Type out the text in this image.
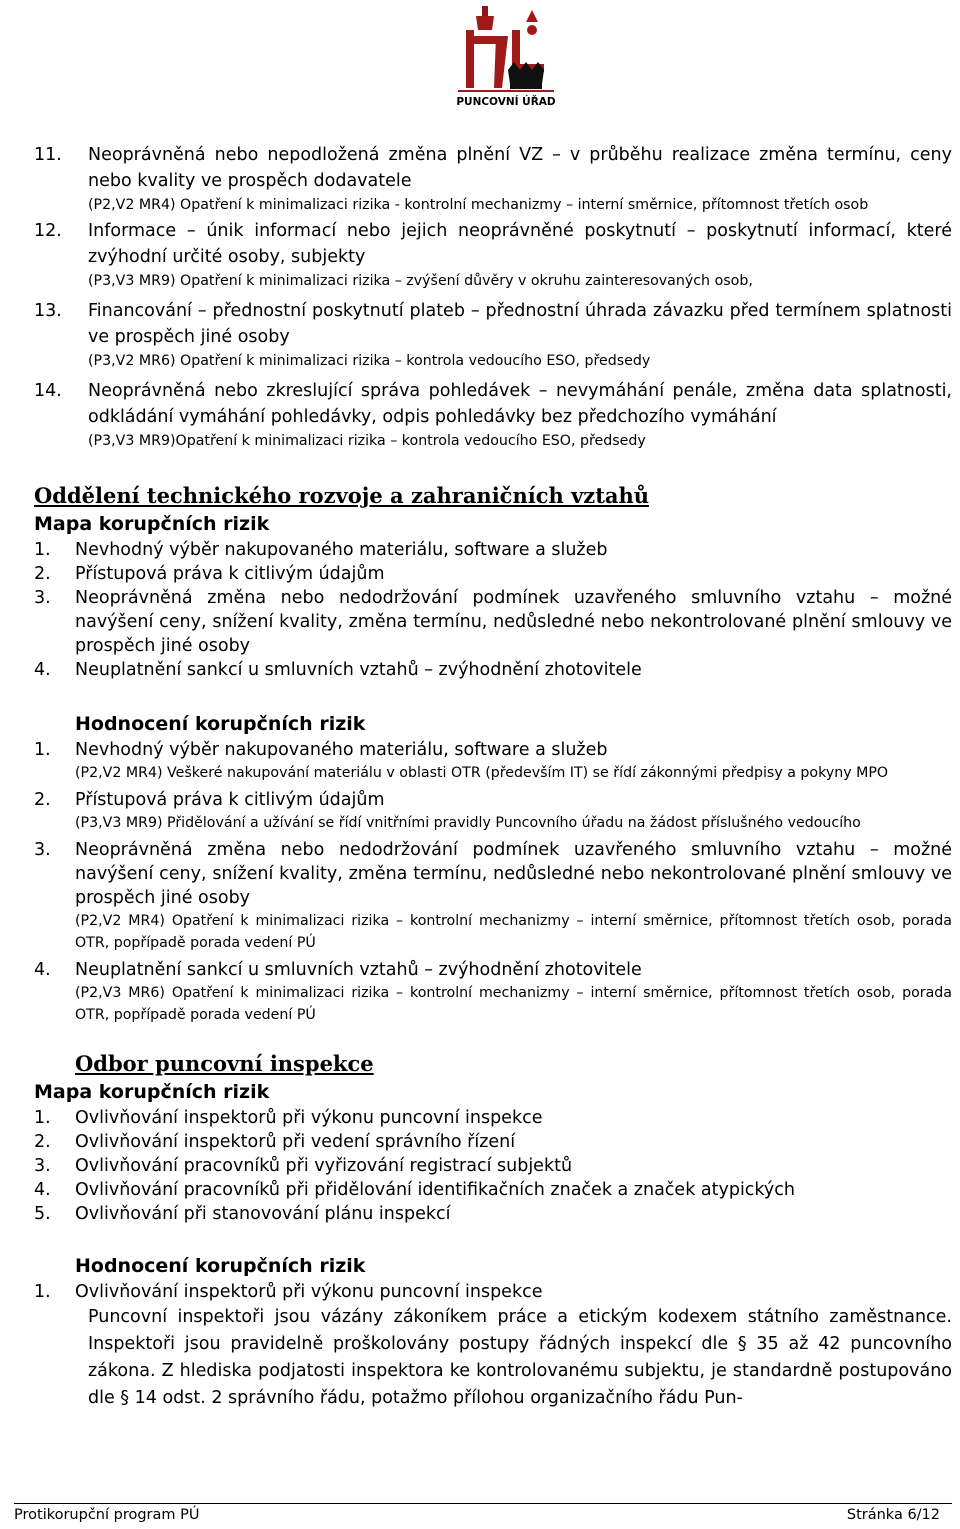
PUNCOVNÍ ÚŘAD
11. Neoprávněná nebo nepodložená změna plnění VZ – v průběhu realizace změna termínu, ceny nebo kvality ve prospěch dodavatele
(P2,V2 MR4) Opatření k minimalizaci rizika - kontrolní mechanizmy – interní směrnice, přítomnost třetích osob
12. Informace – únik informací nebo jejich neoprávněné poskytnutí – poskytnutí informací, které zvýhodní určité osoby, subjekty
(P3,V3 MR9) Opatření k minimalizaci rizika – zvýšení důvěry v okruhu zainteresovaných osob,
13. Financování – přednostní poskytnutí plateb – přednostní úhrada závazku před termínem splatnosti ve prospěch jiné osoby
(P3,V2 MR6) Opatření k minimalizaci rizika – kontrola vedoucího ESO, předsedy
14. Neoprávněná nebo zkreslující správa pohledávek – nevymáhání penále, změna data splatnosti, odkládání vymáhání pohledávky, odpis pohledávky bez předchozího vymáhání
(P3,V3 MR9)Opatření k minimalizaci rizika – kontrola vedoucího ESO, předsedy
Oddělení technického rozvoje a zahraničních vztahů
Mapa korupčních rizik
1. Nevhodný výběr nakupovaného materiálu, software a služeb
2. Přístupová práva k citlivým údajům
3. Neoprávněná změna nebo nedodržování podmínek uzavřeného smluvního vztahu – možné navýšení ceny, snížení kvality, změna termínu, nedůsledné nebo nekontrolované plnění smlouvy ve prospěch jiné osoby
4. Neuplatnění sankcí u smluvních vztahů – zvýhodnění zhotovitele
Hodnocení korupčních rizik
1. Nevhodný výběr nakupovaného materiálu, software a služeb
(P2,V2 MR4) Veškeré nakupování materiálu v oblasti OTR (především IT) se řídí zákonnými předpisy a pokyny MPO
2. Přístupová práva k citlivým údajům
(P3,V3 MR9) Přidělování a užívání se řídí vnitřními pravidly Puncovního úřadu na žádost příslušného vedoucího
3. Neoprávněná změna nebo nedodržování podmínek uzavřeného smluvního vztahu – možné navýšení ceny, snížení kvality, změna termínu, nedůsledné nebo nekontrolované plnění smlouvy ve prospěch jiné osoby
(P2,V2 MR4) Opatření k minimalizaci rizika – kontrolní mechanizmy – interní směrnice, přítomnost třetích osob, porada OTR, popřípadě porada vedení PÚ
4. Neuplatnění sankcí u smluvních vztahů – zvýhodnění zhotovitele
(P2,V3 MR6) Opatření k minimalizaci rizika – kontrolní mechanizmy – interní směrnice, přítomnost třetích osob, porada OTR, popřípadě porada vedení PÚ
Odbor puncovní inspekce
Mapa korupčních rizik
1. Ovlivňování inspektorů při výkonu puncovní inspekce
2. Ovlivňování inspektorů při vedení správního řízení
3. Ovlivňování pracovníků při vyřizování registrací subjektů
4. Ovlivňování pracovníků při přidělování identifikačních značek a značek atypických
5. Ovlivňování při stanovování plánu inspekcí
Hodnocení korupčních rizik
1. Ovlivňování inspektorů při výkonu puncovní inspekce
Puncovní inspektoři jsou vázány zákoníkem práce a etickým kodexem státního zaměstnance. Inspektoři jsou pravidelně proškolovány postupy řádných inspekcí dle § 35 až 42 puncovního zákona. Z hlediska podjatosti inspektora ke kontrolovanému subjektu, je standardně postupováno dle § 14 odst. 2 správního řádu, potažmo přílohou organizačního řádu Pun-
Protikorupční program PÚ	Stránka 6/12
